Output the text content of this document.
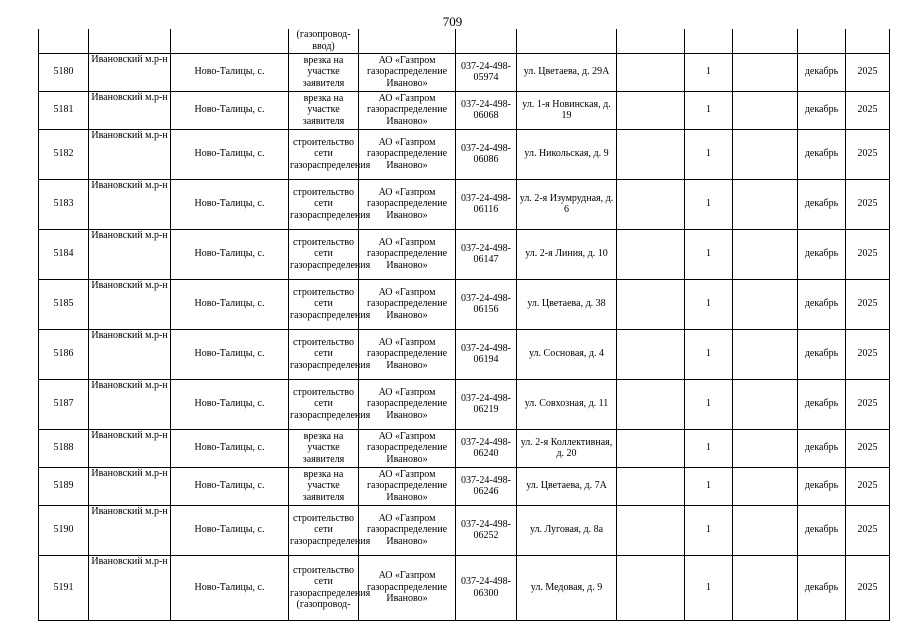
709
			(газопровод-ввод)								
5180	Ивановский м.р-н	Ново-Талицы, с.	врезка на участке заявителя	АО «Газпром газораспределение Иваново»	037-24-498-05974	ул. Цветаева, д. 29А		1		декабрь	2025
5181	Ивановский м.р-н	Ново-Талицы, с.	врезка на участке заявителя	АО «Газпром газораспределение Иваново»	037-24-498-06068	ул. 1-я Новинская, д. 19		1		декабрь	2025
5182	Ивановский м.р-н	Ново-Талицы, с.	строительство сети газораспределения	АО «Газпром газораспределение Иваново»	037-24-498-06086	ул. Никольская, д. 9		1		декабрь	2025
5183	Ивановский м.р-н	Ново-Талицы, с.	строительство сети газораспределения	АО «Газпром газораспределение Иваново»	037-24-498-06116	ул. 2-я Изумрудная, д. 6		1		декабрь	2025
5184	Ивановский м.р-н	Ново-Талицы, с.	строительство сети газораспределения	АО «Газпром газораспределение Иваново»	037-24-498-06147	ул. 2-я Линия, д. 10		1		декабрь	2025
5185	Ивановский м.р-н	Ново-Талицы, с.	строительство сети газораспределения	АО «Газпром газораспределение Иваново»	037-24-498-06156	ул. Цветаева, д. 38		1		декабрь	2025
5186	Ивановский м.р-н	Ново-Талицы, с.	строительство сети газораспределения	АО «Газпром газораспределение Иваново»	037-24-498-06194	ул. Сосновая, д. 4		1		декабрь	2025
5187	Ивановский м.р-н	Ново-Талицы, с.	строительство сети газораспределения	АО «Газпром газораспределение Иваново»	037-24-498-06219	ул. Совхозная, д. 11		1		декабрь	2025
5188	Ивановский м.р-н	Ново-Талицы, с.	врезка на участке заявителя	АО «Газпром газораспределение Иваново»	037-24-498-06240	ул. 2-я Коллективная, д. 20		1		декабрь	2025
5189	Ивановский м.р-н	Ново-Талицы, с.	врезка на участке заявителя	АО «Газпром газораспределение Иваново»	037-24-498-06246	ул. Цветаева, д. 7А		1		декабрь	2025
5190	Ивановский м.р-н	Ново-Талицы, с.	строительство сети газораспределения	АО «Газпром газораспределение Иваново»	037-24-498-06252	ул. Луговая, д. 8а		1		декабрь	2025
5191	Ивановский м.р-н	Ново-Талицы, с.	строительство сети газораспределения (газопровод-	АО «Газпром газораспределение Иваново»	037-24-498-06300	ул. Медовая, д. 9		1		декабрь	2025
